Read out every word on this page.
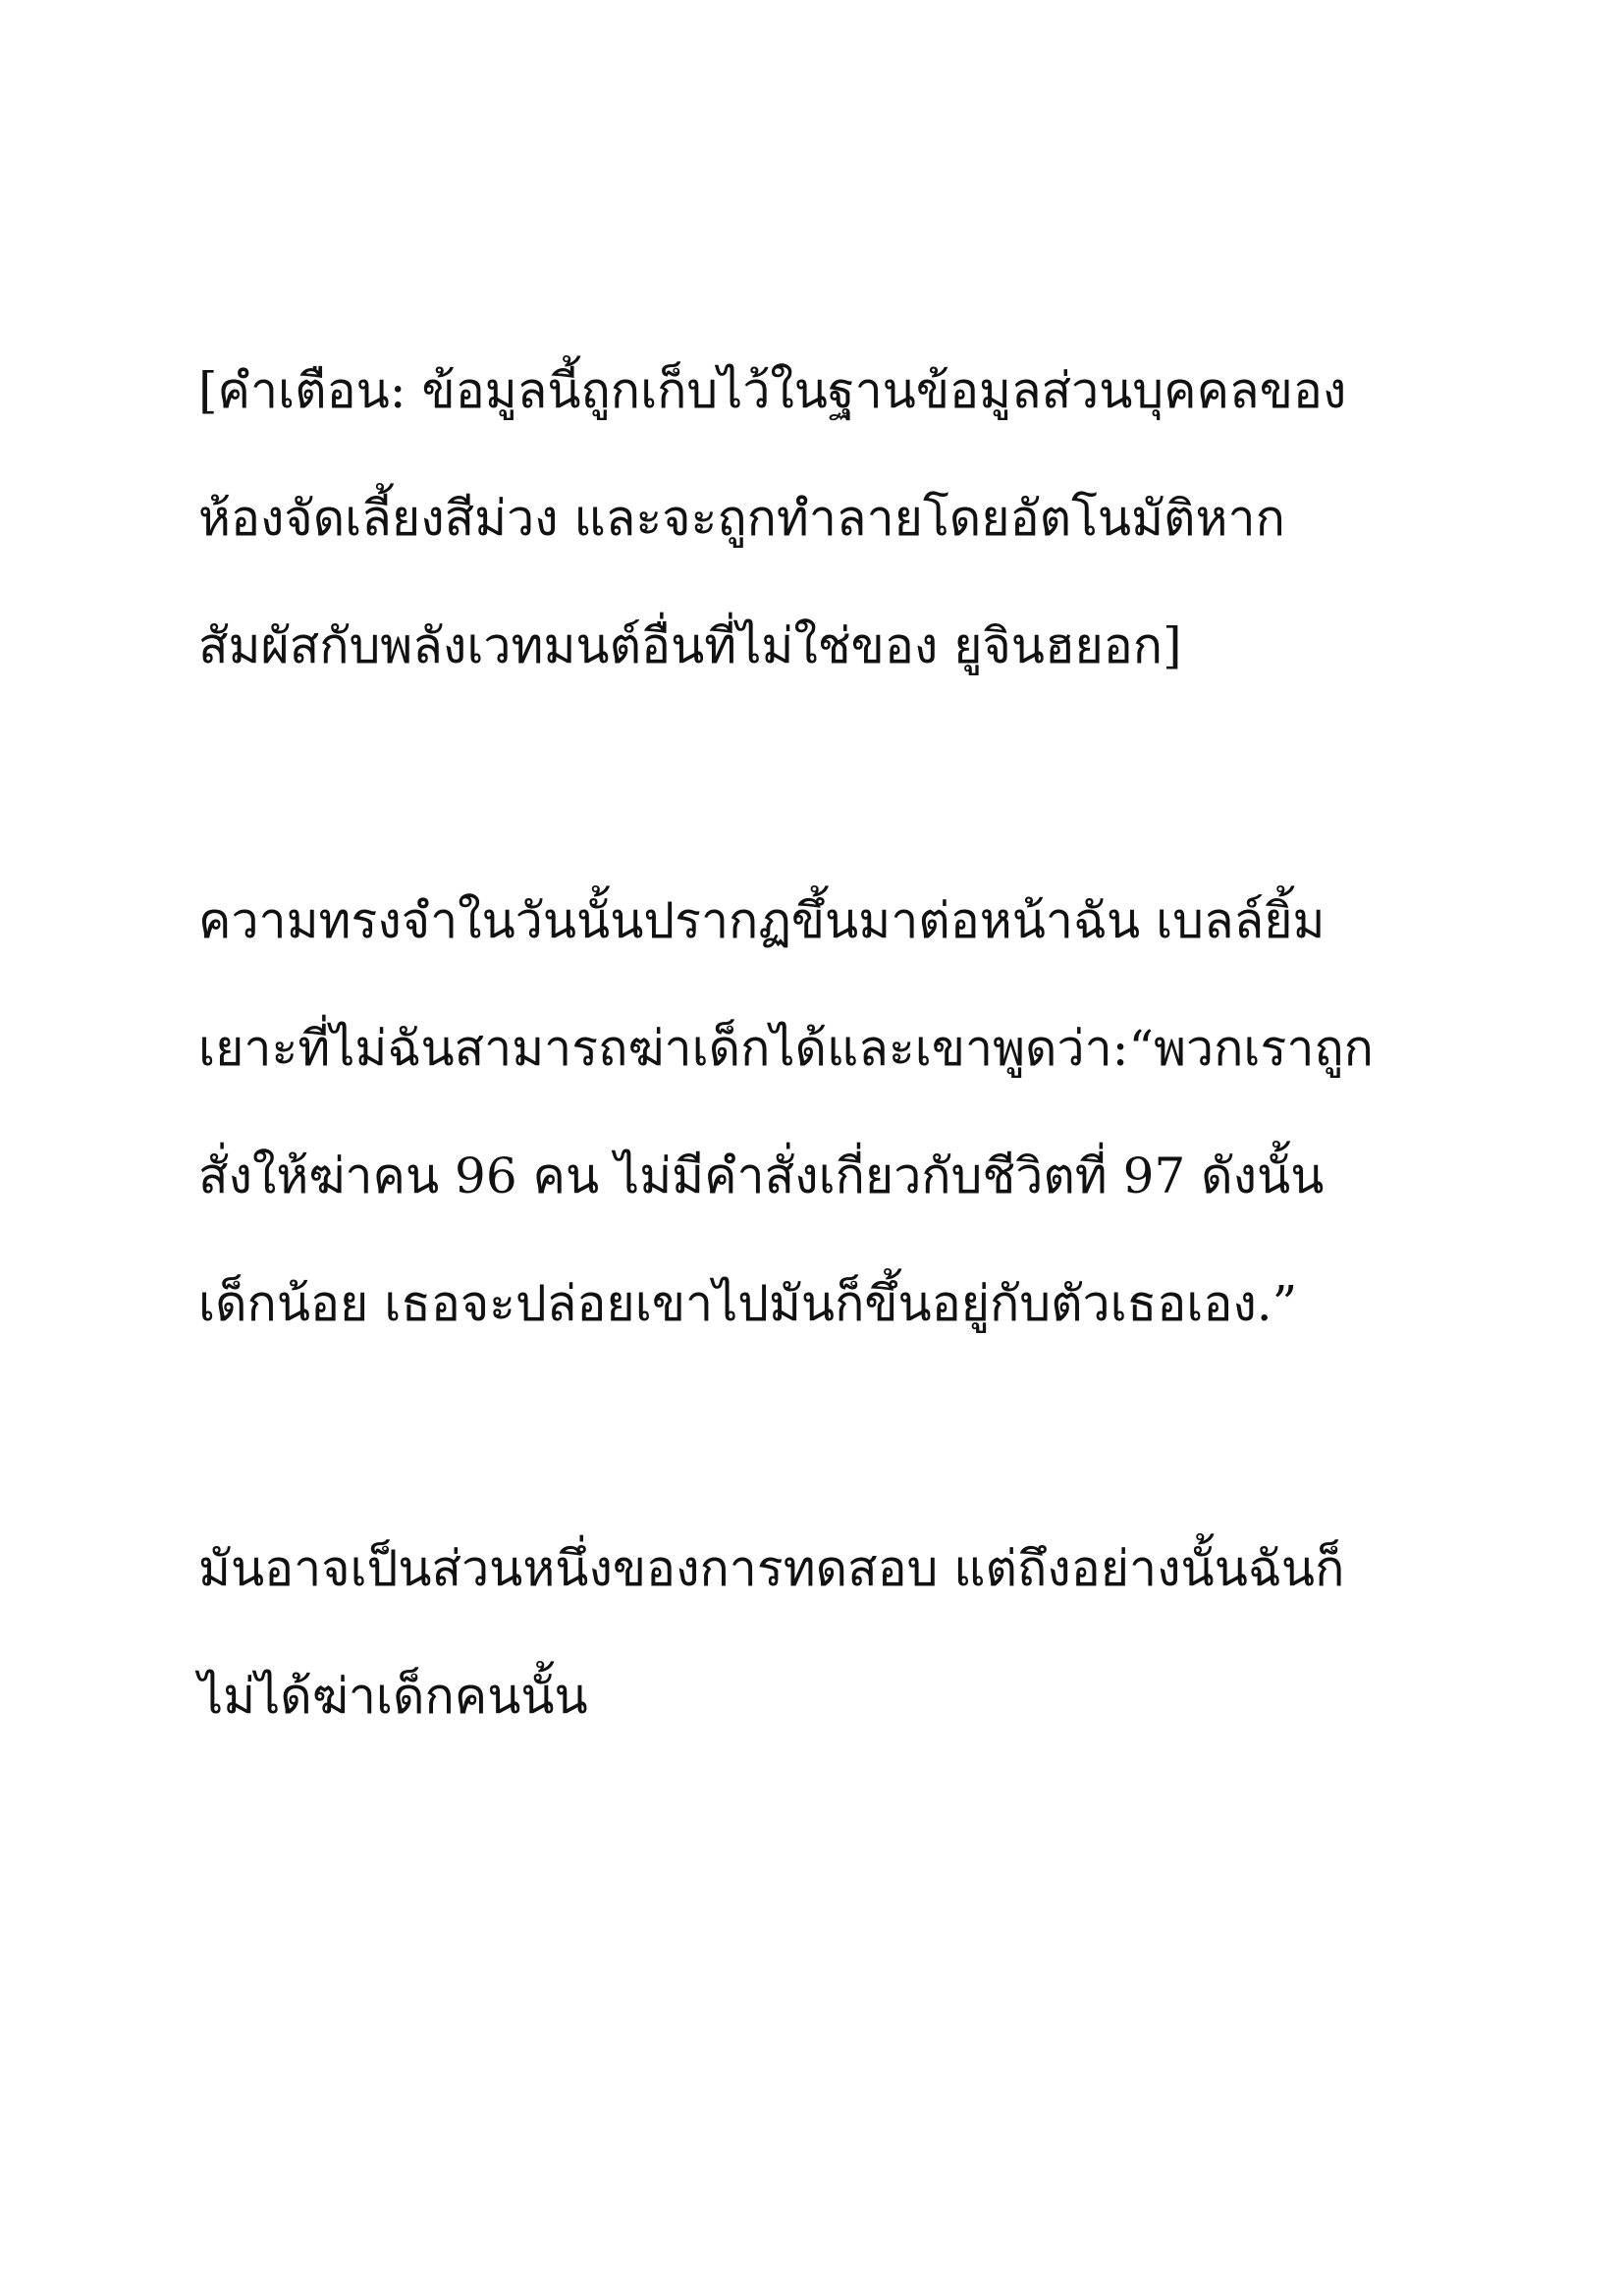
[คำเตือน: ข้อมูลนี้ถูกเก็บไว้ในฐานข้อมูลส่วนบุคคลของ
ห้องจัดเลี้ยงสีม่วง และจะถูกทำลายโดยอัตโนมัติหาก
สัมผัสกับพลังเวทมนต์อื่นที่ไม่ใช่ของ ยูจินฮยอก]
ความทรงจำในวันนั้นปรากฏขึ้นมาต่อหน้าฉัน เบลล์ยิ้ม
เยาะที่ไม่ฉันสามารถฆ่าเด็กได้และเขาพูดว่า:“พวกเราถูก
สั่งให้ฆ่าคน 96 คน ไม่มีคำสั่งเกี่ยวกับชีวิตที่ 97 ดังนั้น
เด็กน้อย เธอจะปล่อยเขาไปมันก็ขึ้นอยู่กับตัวเธอเอง.”
มันอาจเป็นส่วนหนึ่งของการทดสอบ แต่ถึงอย่างนั้นฉันก็
ไม่ได้ฆ่าเด็กคนนั้น
